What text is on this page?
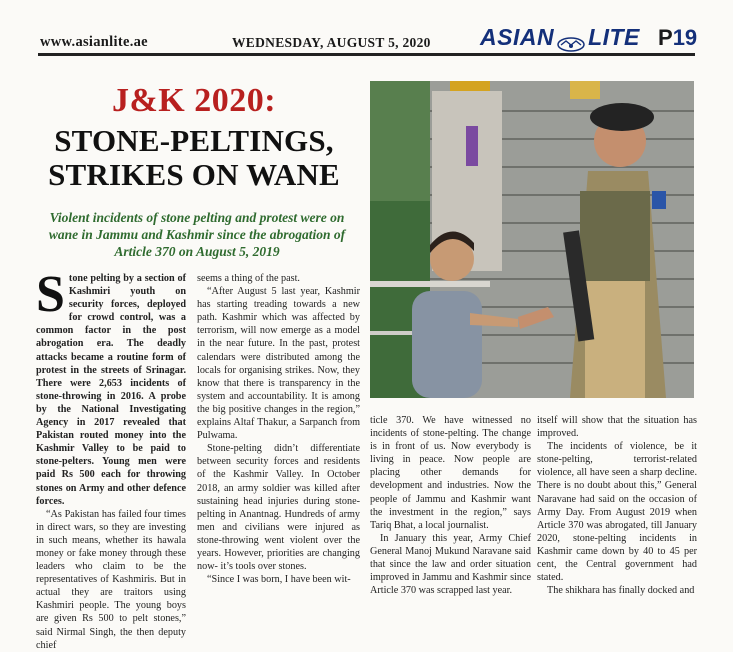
www.asianlite.ae	WEDNESDAY, AUGUST 5, 2020 ASIAN LITE P19
J&K 2020:
STONE-PELTINGS,
STRIKES ON WANE
Violent incidents of stone pelting and protest were on wane in Jammu and Kashmir since the abrogation of Article 370 on August 5, 2019

Stone pelting by a section of Kashmiri youth on security forces, deployed for crowd control, was a common factor in the post abrogation era. The deadly attacks became a routine form of protest in the streets of Srinagar. There were 2,653 incidents of stone-throwing in 2016. A probe by the National Investigating Agency in 2017 revealed that Pakistan routed money into the Kashmir Valley to be paid to stone-pelters. Young men were paid Rs 500 each for throwing stones on Army and other defence forces.

“As Pakistan has failed four times in direct wars, so they are investing in such means, whether its hawala money or fake money through these leaders who claim to be the representatives of Kashmiris. But in actual they are traitors using Kashmiri people. The young boys are given Rs 500 to pelt stones,” said Nirmal Singh, the then deputy chief

seems a thing of the past.

“After August 5 last year, Kashmir has starting treading towards a new path. Kashmir which was affected by terrorism, will now emerge as a model in the near future. In the past, protest calendars were distributed among the locals for organising strikes. Now, they know that there is transparency in the system and accountability. It is among the big positive changes in the region,” explains Altaf Thakur, a Sarpanch from Pulwama.

Stone-pelting didn’t differentiate between security forces and residents of the Kashmir Valley. In October 2018, an army soldier was killed after sustaining head injuries during stone-pelting in Anantnag. Hundreds of army men and civilians were injured as stone-throwing went violent over the years. However, priorities are changing now- it’s tools over stones.

“Since I was born, I have been wit-

ticle 370. We have witnessed no incidents of stone-pelting. The change is in front of us. Now everybody is living in peace. Now people are placing other demands for development and industries. Now the people of Jammu and Kashmir want the investment in the region,” says Tariq Bhat, a local journalist.

In January this year, Army Chief General Manoj Mukund Naravane said that since the law and order situation improved in Jammu and Kashmir since Article 370 was scrapped last year.

itself will show that the situation has improved.

The incidents of violence, be it stone-pelting, terrorist-related violence, all have seen a sharp decline. There is no doubt about this,” General Naravane had said on the occasion of Army Day. From August 2019 when Article 370 was abrogated, till January 2020, stone-pelting incidents in Kashmir came down by 40 to 45 per cent, the Central government had stated.

The shikhara has finally docked and
